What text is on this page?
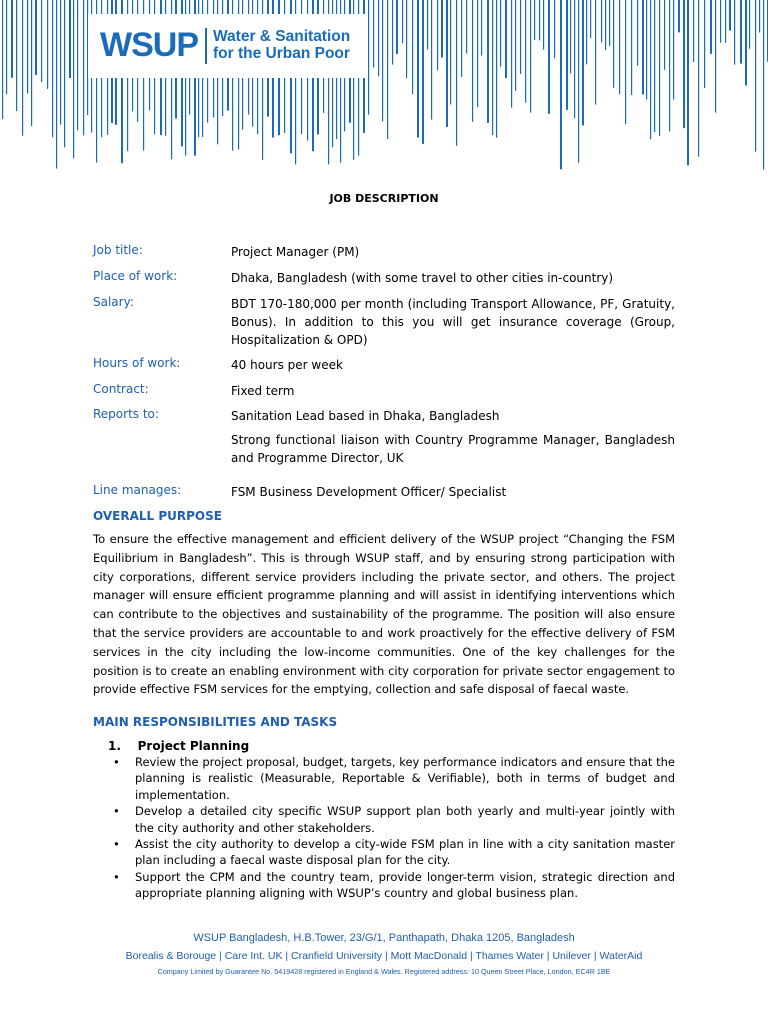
WSUP Water & Sanitation
for the Urban Poor
JOB DESCRIPTION
Job title:	Project Manager (PM)
Place of work:	Dhaka, Bangladesh (with some travel to other cities in-country)
Salary:	BDT 170-180,000 per month (including Transport Allowance, PF, Gratuity, Bonus). In addition to this you will get insurance coverage (Group, Hospitalization & OPD)
Hours of work:	40 hours per week
Contract:	Fixed term
Reports to:	Sanitation Lead based in Dhaka, Bangladesh
Strong functional liaison with Country Programme Manager, Bangladesh and Programme Director, UK
Line manages:	FSM Business Development Officer/ Specialist
OVERALL PURPOSE
To ensure the effective management and efficient delivery of the WSUP project “Changing the FSM Equilibrium in Bangladesh”. This is through WSUP staff, and by ensuring strong participation with city corporations, different service providers including the private sector, and others. The project manager will ensure efficient programme planning and will assist in identifying interventions which can contribute to the objectives and sustainability of the programme. The position will also ensure that the service providers are accountable to and work proactively for the effective delivery of FSM services in the city including the low-income communities. One of the key challenges for the position is to create an enabling environment with city corporation for private sector engagement to provide effective FSM services for the emptying, collection and safe disposal of faecal waste.
MAIN RESPONSIBILITIES AND TASKS
1.    Project Planning
• Review the project proposal, budget, targets, key performance indicators and ensure that the planning is realistic (Measurable, Reportable & Verifiable), both in terms of budget and implementation.
• Develop a detailed city specific WSUP support plan both yearly and multi-year jointly with the city authority and other stakeholders.
• Assist the city authority to develop a city-wide FSM plan in line with a city sanitation master plan including a faecal waste disposal plan for the city.
• Support the CPM and the country team, provide longer-term vision, strategic direction and appropriate planning aligning with WSUP’s country and global business plan.
WSUP Bangladesh, H.B.Tower, 23/G/1, Panthapath, Dhaka 1205, Bangladesh
Borealis & Borouge | Care Int. UK | Cranfield University | Mott MacDonald | Thames Water | Unilever | WaterAid
Company Limited by Guarantee No. 5419428 registered in England & Wales. Registered address: 10 Queen Street Place, London, EC4R 1BE
